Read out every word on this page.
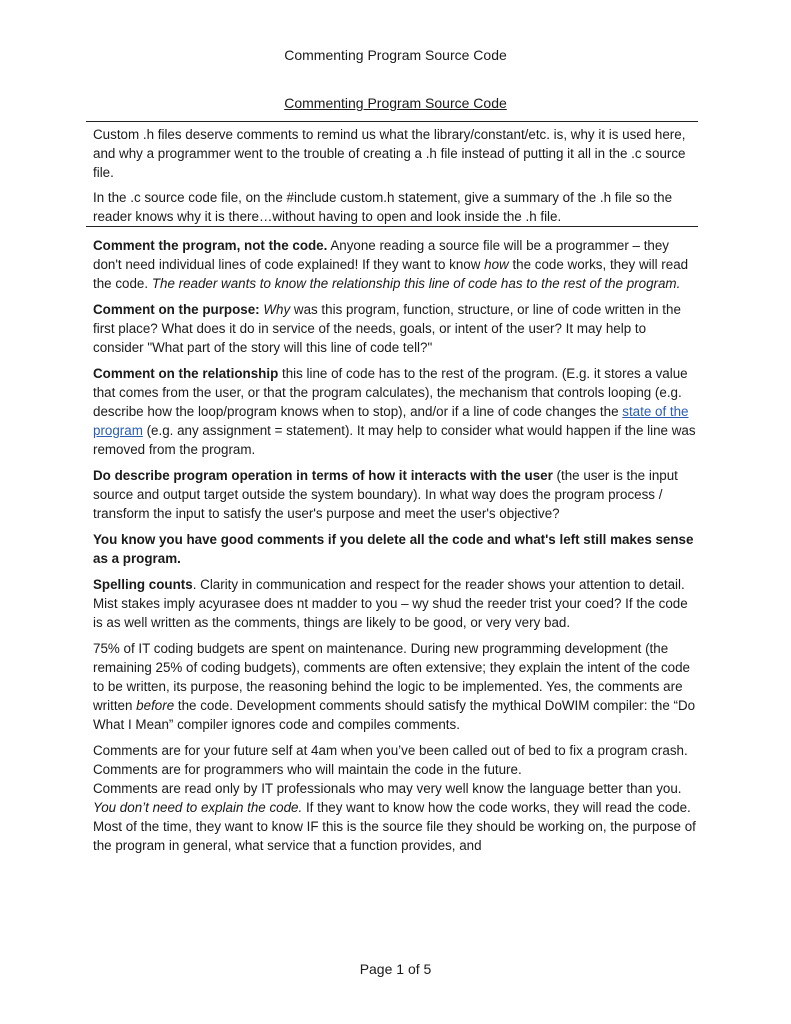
Commenting Program Source Code
Commenting Program Source Code

Custom .h files deserve comments to remind us what the library/constant/etc. is, why it is used here, and why a programmer went to the trouble of creating a .h file instead of putting it all in the .c source file.

In the .c source code file, on the #include custom.h statement, give a summary of the .h file so the reader knows why it is there…without having to open and look inside the .h file.

Comment the program, not the code. Anyone reading a source file will be a programmer – they don't need individual lines of code explained! If they want to know how the code works, they will read the code. The reader wants to know the relationship this line of code has to the rest of the program.

Comment on the purpose: Why was this program, function, structure, or line of code written in the first place? What does it do in service of the needs, goals, or intent of the user? It may help to consider "What part of the story will this line of code tell?"

Comment on the relationship this line of code has to the rest of the program. (E.g. it stores a value that comes from the user, or that the program calculates), the mechanism that controls looping (e.g. describe how the loop/program knows when to stop), and/or if a line of code changes the state of the program (e.g. any assignment = statement). It may help to consider what would happen if the line was removed from the program.

Do describe program operation in terms of how it interacts with the user (the user is the input source and output target outside the system boundary). In what way does the program process / transform the input to satisfy the user's purpose and meet the user's objective?

You know you have good comments if you delete all the code and what's left still makes sense as a program.

Spelling counts. Clarity in communication and respect for the reader shows your attention to detail. Mist stakes imply acyurasee does nt madder to you – wy shud the reeder trist your coed? If the code is as well written as the comments, things are likely to be good, or very very bad.

75% of IT coding budgets are spent on maintenance. During new programming development (the remaining 25% of coding budgets), comments are often extensive; they explain the intent of the code to be written, its purpose, the reasoning behind the logic to be implemented. Yes, the comments are written before the code. Development comments should satisfy the mythical DoWIM compiler: the “Do What I Mean” compiler ignores code and compiles comments.

Comments are for your future self at 4am when you’ve been called out of bed to fix a program crash.

Comments are for programmers who will maintain the code in the future.

Comments are read only by IT professionals who may very well know the language better than you. You don’t need to explain the code. If they want to know how the code works, they will read the code. Most of the time, they want to know IF this is the source file they should be working on, the purpose of the program in general, what service that a function provides, and

Page 1 of 5
